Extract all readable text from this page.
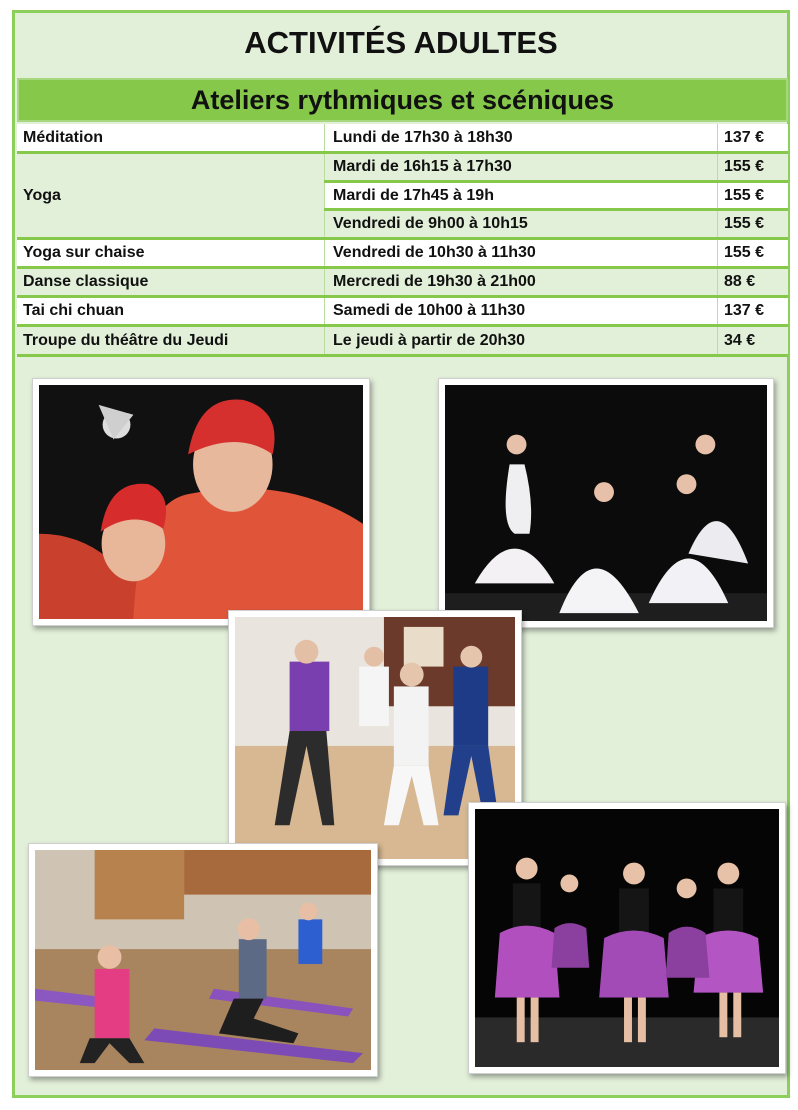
ACTIVITÉS ADULTES
Ateliers rythmiques et scéniques
Méditation	Lundi de 17h30 à 18h30	137 €
Yoga
Mardi de 16h15 à 17h30	155 €
Mardi de 17h45 à 19h	155 €
Vendredi de 9h00 à 10h15	155 €
Yoga sur chaise	Vendredi de 10h30 à 11h30	155 €
Danse classique	Mercredi de 19h30 à 21h00	88 €
Tai chi chuan	Samedi de 10h00 à 11h30	137 €
Troupe du théâtre du Jeudi	Le jeudi à partir de 20h30	34 €
